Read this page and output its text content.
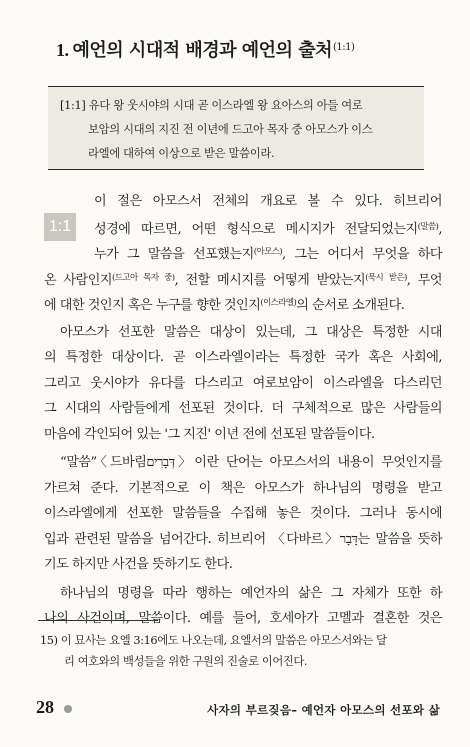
1. 예언의 시대적 배경과 예언의 출처$^{(1:1)}$

[1:1] 유다 왕 웃시야의 시대 곧 이스라엘 왕 요아스의 아들 여로

보암의 시대의 지진 전 이년에 드고아 목자 중 아모스가 이스

라엘에 대하여 이상으로 받은 말씀이라.

1:1
이 절은 아모스서 전체의 개요로 볼 수 있다. 히브리어
성경에 따르면, 어떤 형식으로 메시지가 전달되었는지$^{(말씀)}$,
누가 그 말씀을 선포했는지$^{(아모스)}$, 그는 어디서 무엇을 하다
온 사람인지$^{(드고아 목자 중)}$, 전할 메시지를 어떻게 받았는지$^{(묵시 받은)}$, 무엇
에 대한 것인지 혹은 누구를 향한 것인지$^{(이스라엘)}$의 순서로 소개된다.
아모스가 선포한 말씀은 대상이 있는데, 그 대상은 특정한 시대
의 특정한 대상이다. 곧 이스라엘이라는 특정한 국가 혹은 사회에,
그리고 웃시야가 유다를 다스리고 여로보암이 이스라엘을 다스리던
그 시대의 사람들에게 선포된 것이다. 더 구체적으로 많은 사람들의
마음에 각인되어 있는 '그 지진' 이년 전에 선포된 말씀들이다.
“말씀”〈드바림דְּבָרִים〉이란 단어는 아모스서의 내용이 무엇인지를
가르쳐 준다. 기본적으로 이 책은 아모스가 하나님의 명령을 받고
이스라엘에게 선포한 말씀들을 수집해 놓은 것이다. 그러나 동시에
입과 관련된 말씀을 넘어간다. 히브리어 〈다바르〉דָּבָר는 말씀을 뜻하
기도 하지만 사건을 뜻하기도 한다.
하나님의 명령을 따라 행하는 예언자의 삶은 그 자체가 또한 하
나의 사건이며, 말씀이다. 예를 들어, 호세아가 고멜과 결혼한 것은

15) 이 묘사는 요엘 3:16에도 나오는데, 요엘서의 말씀은 아모스서와는 달

리 여호와의 백성들을 위한 구원의 진술로 이어진다.

28	사자의 부르짖음– 예언자 아모스의 선포와 삶
